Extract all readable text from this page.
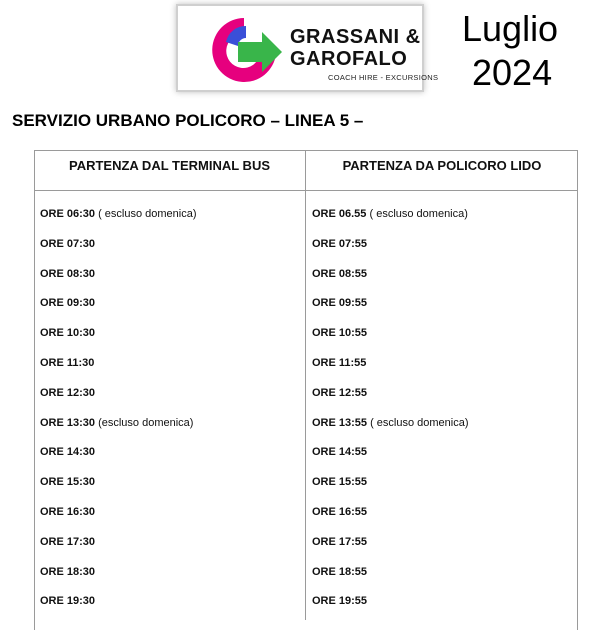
GRASSANI &
GAROFALO
COACH HIRE - EXCURSIONS
Luglio
2024
SERVIZIO URBANO POLICORO – LINEA 5 –
PARTENZA DAL TERMINAL BUS	PARTENZA DA POLICORO LIDO
ORE 06:30 ( escluso domenica)	ORE 06.55 ( escluso domenica)
ORE 07:30	ORE 07:55
ORE 08:30	ORE 08:55
ORE 09:30	ORE 09:55
ORE 10:30	ORE 10:55
ORE 11:30	ORE 11:55
ORE 12:30	ORE 12:55
ORE 13:30 (escluso domenica)	ORE 13:55 ( escluso domenica)
ORE 14:30	ORE 14:55
ORE 15:30	ORE 15:55
ORE 16:30	ORE 16:55
ORE 17:30	ORE 17:55
ORE 18:30	ORE 18:55
ORE 19:30	ORE 19:55
